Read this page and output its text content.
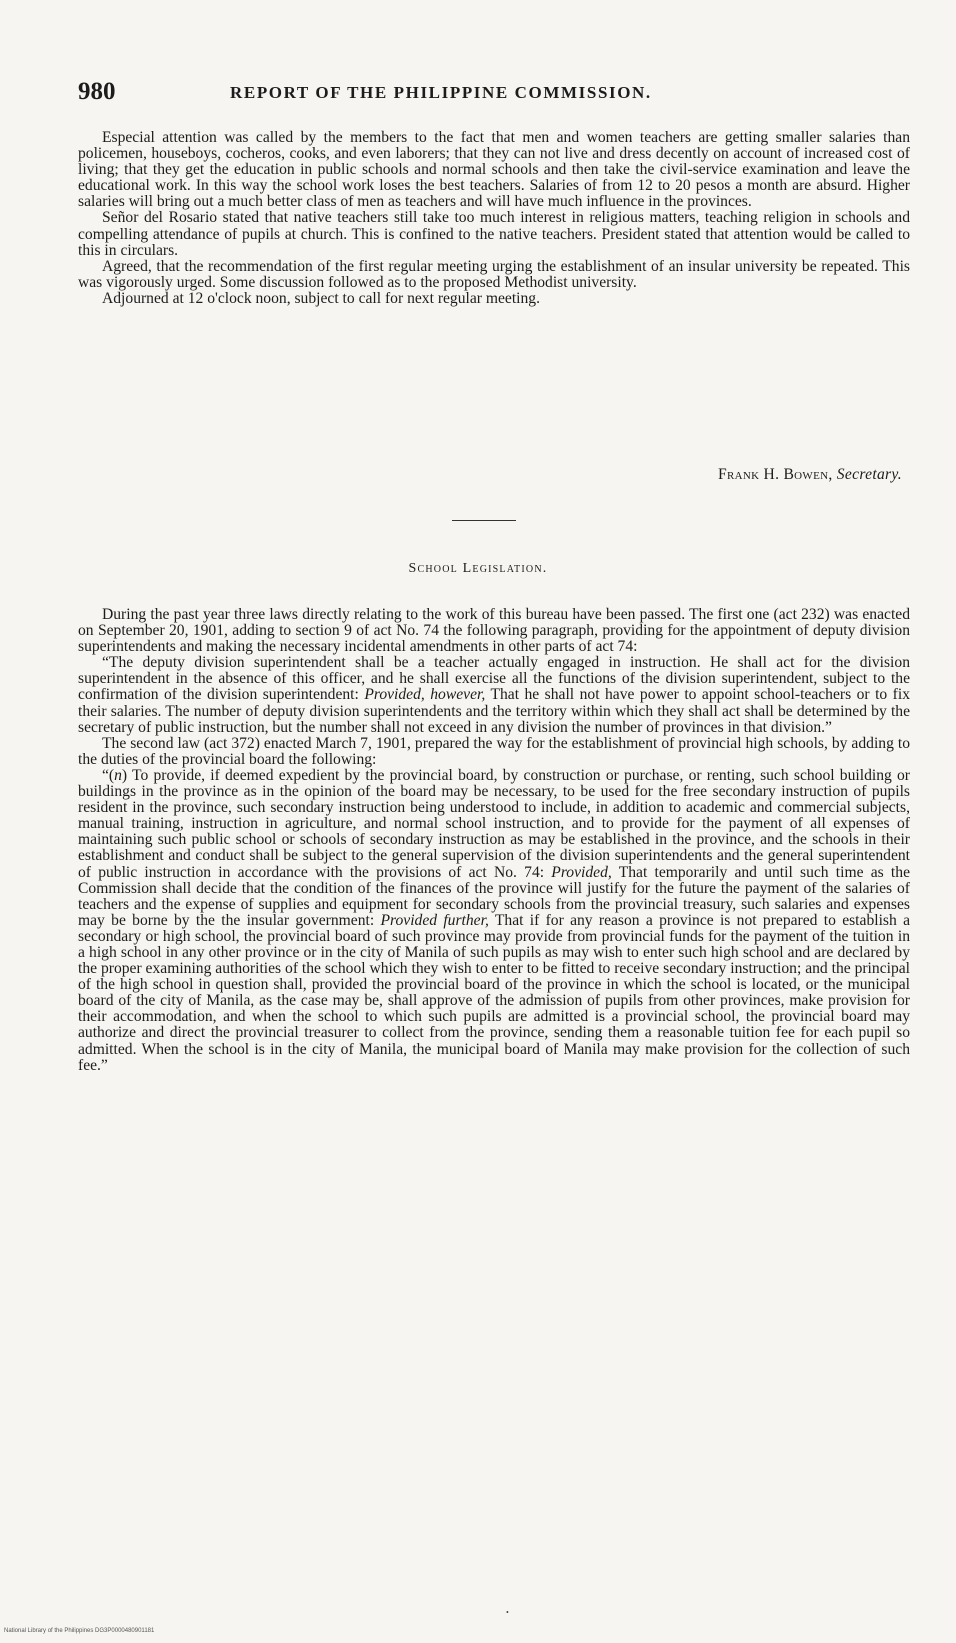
980	REPORT OF THE PHILIPPINE COMMISSION.

Especial attention was called by the members to the fact that men and women teachers are getting smaller salaries than policemen, houseboys, cocheros, cooks, and even laborers; that they can not live and dress decently on account of increased cost of living; that they get the education in public schools and normal schools and then take the civil-service examination and leave the educational work. In this way the school work loses the best teachers. Salaries of from 12 to 20 pesos a month are absurd. Higher salaries will bring out a much better class of men as teachers and will have much influence in the provinces.

Señor del Rosario stated that native teachers still take too much interest in religious matters, teaching religion in schools and compelling attendance of pupils at church. This is confined to the native teachers. President stated that attention would be called to this in circulars.

Agreed, that the recommendation of the first regular meeting urging the establishment of an insular university be repeated. This was vigorously urged. Some discussion followed as to the proposed Methodist university.

Adjourned at 12 o'clock noon, subject to call for next regular meeting.

Frank H. Bowen, Secretary.
School Legislation.

During the past year three laws directly relating to the work of this bureau have been passed. The first one (act 232) was enacted on September 20, 1901, adding to section 9 of act No. 74 the following paragraph, providing for the appointment of deputy division superintendents and making the necessary incidental amendments in other parts of act 74:

“The deputy division superintendent shall be a teacher actually engaged in instruction. He shall act for the division superintendent in the absence of this officer, and he shall exercise all the functions of the division superintendent, subject to the confirmation of the division superintendent: Provided, however, That he shall not have power to appoint school-teachers or to fix their salaries. The number of deputy division superintendents and the territory within which they shall act shall be determined by the secretary of public instruction, but the number shall not exceed in any division the number of provinces in that division.”

The second law (act 372) enacted March 7, 1901, prepared the way for the establishment of provincial high schools, by adding to the duties of the provincial board the following:

“(n) To provide, if deemed expedient by the provincial board, by construction or purchase, or renting, such school building or buildings in the province as in the opinion of the board may be necessary, to be used for the free secondary instruction of pupils resident in the province, such secondary instruction being understood to include, in addition to academic and commercial subjects, manual training, instruction in agriculture, and normal school instruction, and to provide for the payment of all expenses of maintaining such public school or schools of secondary instruction as may be established in the province, and the schools in their establishment and conduct shall be subject to the general supervision of the division superintendents and the general superintendent of public instruction in accordance with the provisions of act No. 74: Provided, That temporarily and until such time as the Commission shall decide that the condition of the finances of the province will justify for the future the payment of the salaries of teachers and the expense of supplies and equipment for secondary schools from the provincial treasury, such salaries and expenses may be borne by the the insular government: Provided further, That if for any reason a province is not prepared to establish a secondary or high school, the provincial board of such province may provide from provincial funds for the payment of the tuition in a high school in any other province or in the city of Manila of such pupils as may wish to enter such high school and are declared by the proper examining authorities of the school which they wish to enter to be fitted to receive secondary instruction; and the principal of the high school in question shall, provided the provincial board of the province in which the school is located, or the municipal board of the city of Manila, as the case may be, shall approve of the admission of pupils from other provinces, make provision for their accommodation, and when the school to which such pupils are admitted is a provincial school, the provincial board may authorize and direct the provincial treasurer to collect from the province, sending them a reasonable tuition fee for each pupil so admitted. When the school is in the city of Manila, the municipal board of Manila may make provision for the collection of such fee.”

•
National Library of the Philippines DG3P0000480901181
